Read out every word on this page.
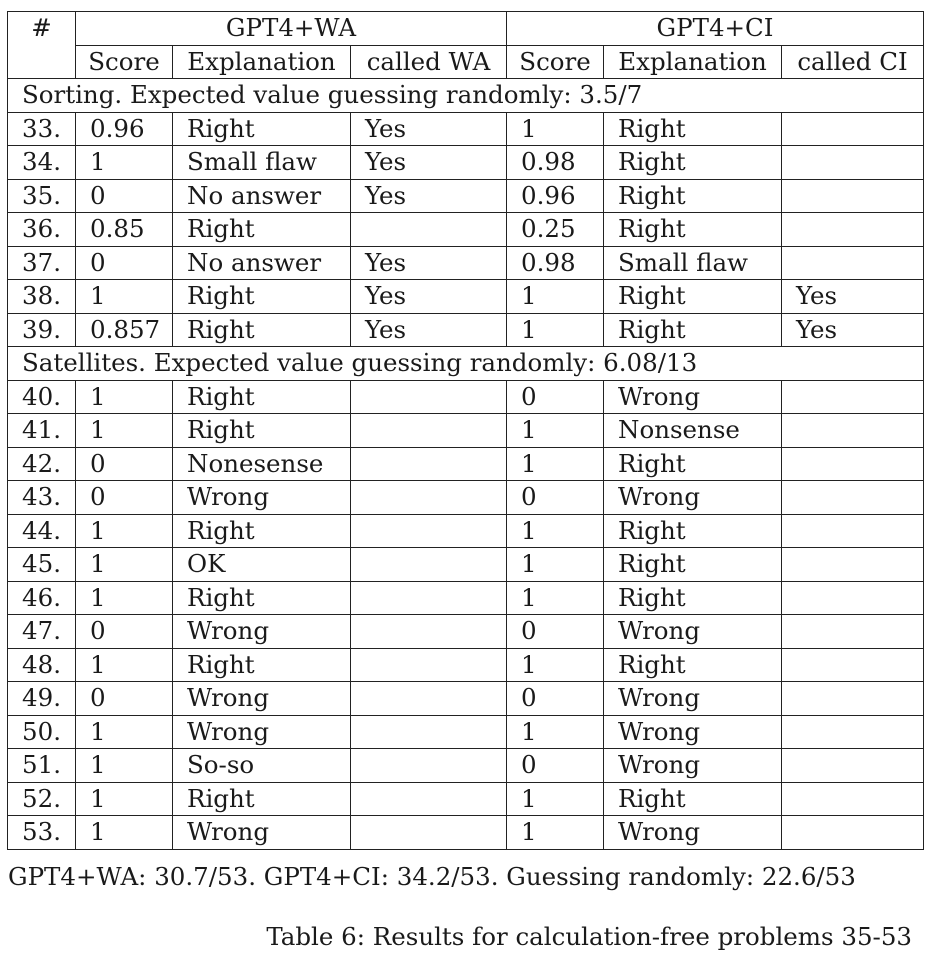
#	GPT4+WA			GPT4+CI		
	Score	Explanation	called WA	Score	Explanation	called CI
Sorting. Expected value guessing randomly: 3.5/7						
33.	0.96	Right	Yes	1	Right	
34.	1	Small flaw	Yes	0.98	Right	
35.	0	No answer	Yes	0.96	Right	
36.	0.85	Right		0.25	Right	
37.	0	No answer	Yes	0.98	Small flaw	
38.	1	Right	Yes	1	Right	Yes
39.	0.857	Right	Yes	1	Right	Yes
Satellites. Expected value guessing randomly: 6.08/13						
40.	1	Right		0	Wrong	
41.	1	Right		1	Nonsense	
42.	0	Nonesense		1	Right	
43.	0	Wrong		0	Wrong	
44.	1	Right		1	Right	
45.	1	OK		1	Right	
46.	1	Right		1	Right	
47.	0	Wrong		0	Wrong	
48.	1	Right		1	Right	
49.	0	Wrong		0	Wrong	
50.	1	Wrong		1	Wrong	
51.	1	So-so		0	Wrong	
52.	1	Right		1	Right	
53.	1	Wrong		1	Wrong	
GPT4+WA: 30.7/53. GPT4+CI: 34.2/53. Guessing randomly: 22.6/53
Table 6: Results for calculation-free problems 35-53
